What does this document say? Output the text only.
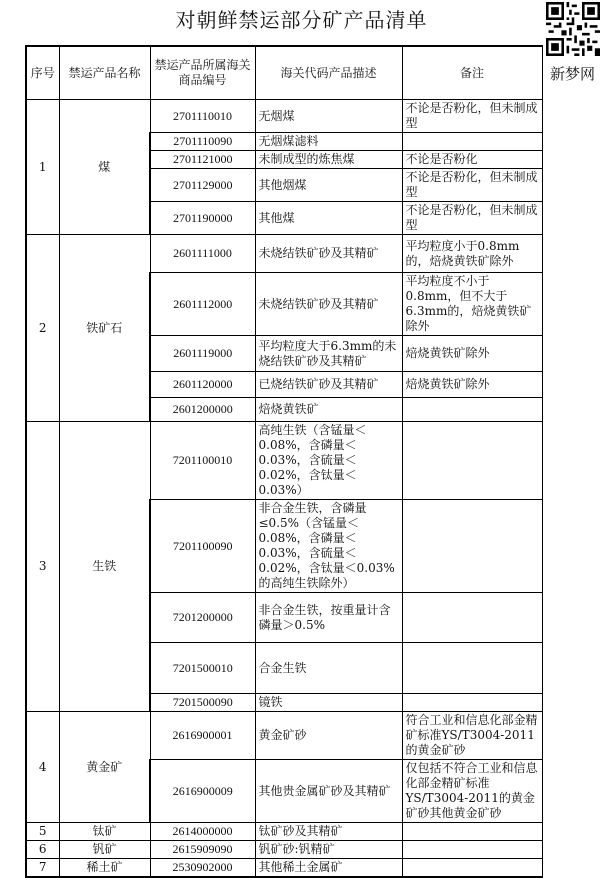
对朝鲜禁运部分矿产品清单
新梦网
序号	禁运产品名称	禁运产品所属海关商品编号	海关代码产品描述	备注
1	煤	2701110010	无烟煤	不论是否粉化，但未制成型
		2701110090	无烟煤滤料	
		2701121000	未制成型的炼焦煤	不论是否粉化
		2701129000	其他烟煤	不论是否粉化，但未制成型
		2701190000	其他煤	不论是否粉化，但未制成型
2	铁矿石	2601111000	未烧结铁矿砂及其精矿	平均粒度小于0.8mm的，焙烧黄铁矿除外
		2601112000	未烧结铁矿砂及其精矿	平均粒度不小于0.8mm，但不大于6.3mm的，焙烧黄铁矿除外
		2601119000	平均粒度大于6.3mm的未烧结铁矿砂及其精矿	焙烧黄铁矿除外
		2601120000	已烧结铁矿砂及其精矿	焙烧黄铁矿除外
		2601200000	焙烧黄铁矿	
3	生铁	7201100010	高纯生铁（含锰量＜0.08%，含磷量＜0.03%，含硫量＜0.02%，含钛量＜0.03%）	
		7201100090	非合金生铁，含磷量≤0.5%（含锰量＜0.08%，含磷量＜0.03%，含硫量＜0.02%，含钛量＜0.03%的高纯生铁除外）	
		7201200000	非合金生铁，按重量计含磷量＞0.5%	
		7201500010	合金生铁	
		7201500090	镜铁	
4	黄金矿	2616900001	黄金矿砂	符合工业和信息化部金精矿标准YS/T3004-2011的黄金矿砂
		2616900009	其他贵金属矿砂及其精矿	仅包括不符合工业和信息化部金精矿标准YS/T3004-2011的黄金矿砂其他黄金矿砂
5	钛矿	2614000000	钛矿砂及其精矿	
6	钒矿	2615909090	钒矿砂:钒精矿	
7	稀土矿	2530902000	其他稀土金属矿	
